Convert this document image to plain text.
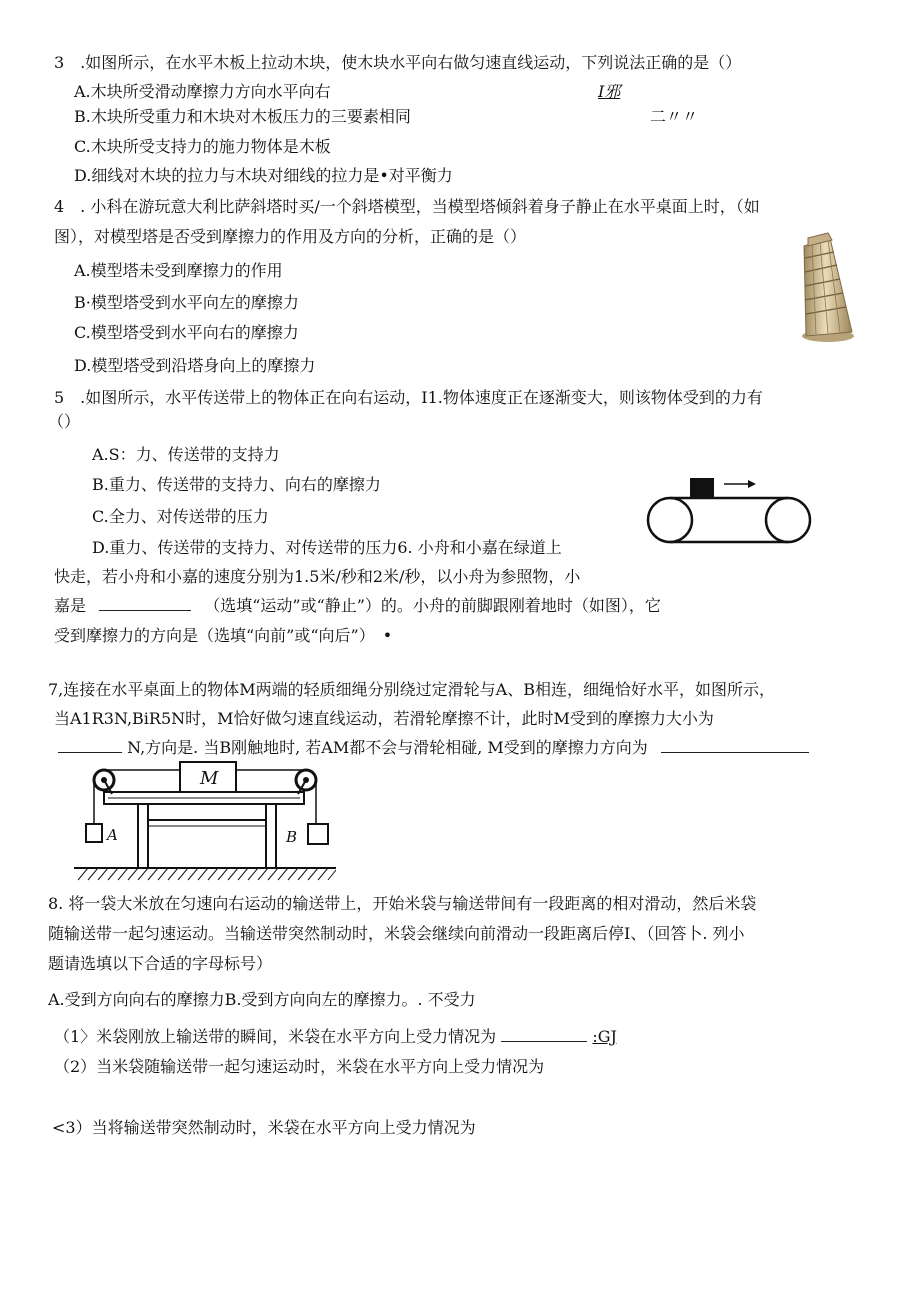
3　.如图所示，在水平木板上拉动木块，使木块水平向右做匀速直线运动，下列说法正确的是（）
A.木块所受滑动摩擦力方向水平向右	I邪
B.木块所受重力和木块对木板压力的三要素相同	二〃〃
C.木块所受支持力的施力物体是木板
D.细线对木块的拉力与木块对细线的拉力是•对平衡力
4　. 小科在游玩意大利比萨斜塔时买/一个斜塔模型，当模型塔倾斜着身子静止在水平桌面上时，（如
图），对模型塔是否受到摩擦力的作用及方向的分析，正确的是（）
A.模型塔未受到摩擦力的作用
B·模型塔受到水平向左的摩擦力
C.模型塔受到水平向右的摩擦力
D.模型塔受到沿塔身向上的摩擦力
5　.如图所示，水平传送带上的物体正在向右运动，I1.物体速度正在逐渐变大，则该物体受到的力有
（）
A.S：力、传送带的支持力
B.重力、传送带的支持力、向右的摩擦力
C.全力、对传送带的压力
D.重力、传送带的支持力、对传送带的压力6. 小舟和小嘉在绿道上
快走，若小舟和小嘉的速度分别为1.5米/秒和2米/秒，以小舟为参照物，小
嘉是	（选填“运动”或“静止”）的。小舟的前脚跟刚着地时（如图），它
受到摩擦力的方向是（选填“向前”或“向后”）　•
7,连接在水平桌面上的物体M两端的轻质细绳分别绕过定滑轮与A、B相连，细绳恰好水平，如图所示，
当A1R3N,BiR5N时，M恰好做匀速直线运动，若滑轮摩擦不计，此时M受到的摩擦力大小为
N,方向是. 当B刚触地时, 若AM都不会与滑轮相碰, M受到的摩擦力方向为
M
A	B
8. 将一袋大米放在匀速向右运动的输送带上，开始米袋与输送带间有一段距离的相对滑动，然后米袋
随输送带一起匀速运动。当输送带突然制动时，米袋会继续向前滑动一段距离后停I、（回答卜. 列小
题请选填以下合适的字母标号）
A.受到方向向右的摩擦力B.受到方向向左的摩擦力。. 不受力
（1〉米袋刚放上输送带的瞬间，米袋在水平方向上受力情况为	:GJ
（2）当米袋随输送带一起匀速运动时，米袋在水平方向上受力情况为
<3）当将输送带突然制动时，米袋在水平方向上受力情况为
